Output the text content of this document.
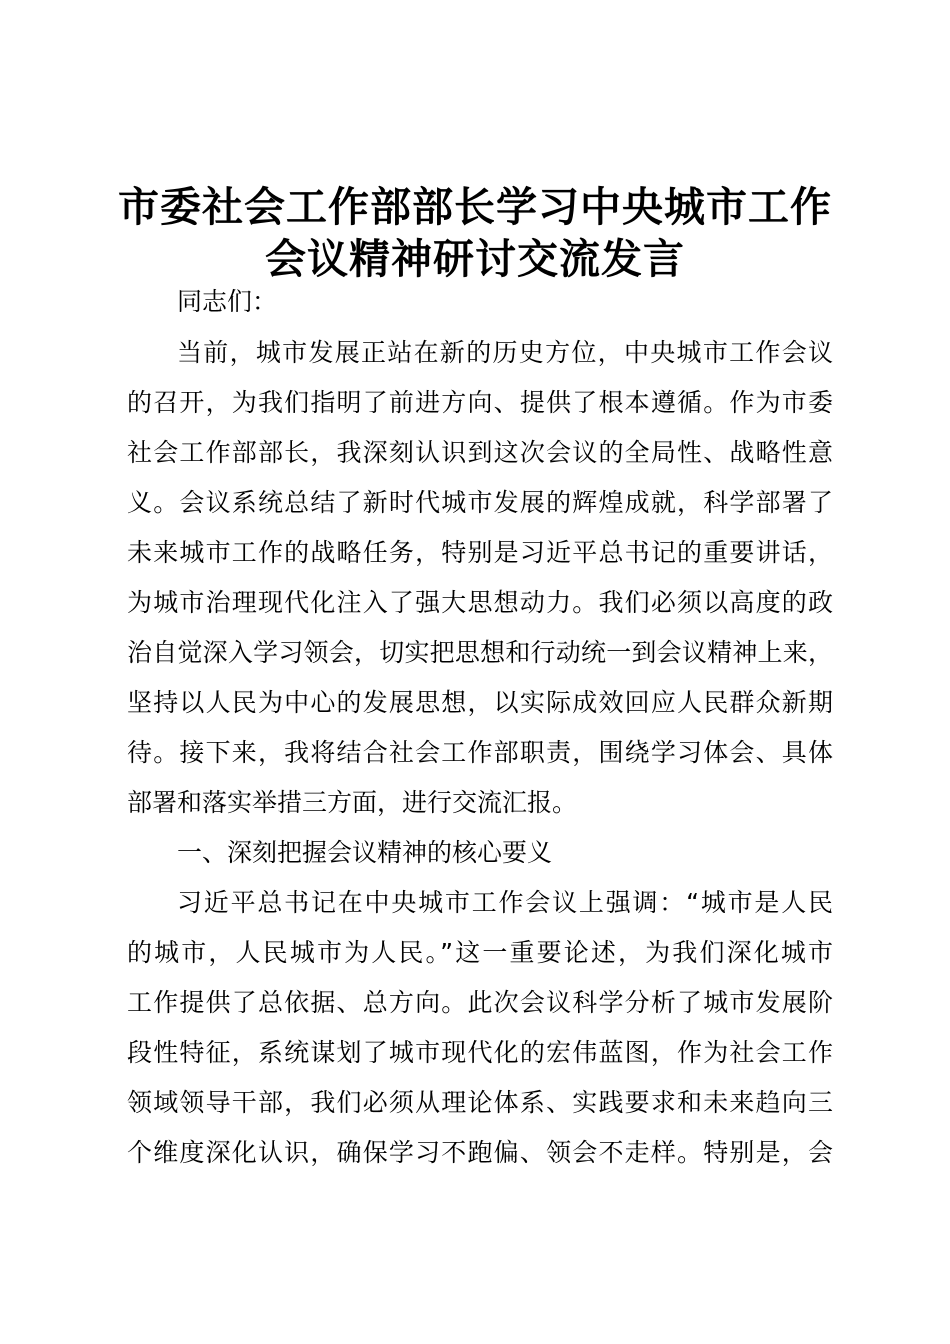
市委社会工作部部长学习中央城市工作
会议精神研讨交流发言

同志们：

当前，城市发展正站在新的历史方位，中央城市工作会议

的召开，为我们指明了前进方向、提供了根本遵循。作为市委

社会工作部部长，我深刻认识到这次会议的全局性、战略性意

义。会议系统总结了新时代城市发展的辉煌成就，科学部署了

未来城市工作的战略任务，特别是习近平总书记的重要讲话，

为城市治理现代化注入了强大思想动力。我们必须以高度的政

治自觉深入学习领会，切实把思想和行动统一到会议精神上来，

坚持以人民为中心的发展思想，以实际成效回应人民群众新期

待。接下来，我将结合社会工作部职责，围绕学习体会、具体

部署和落实举措三方面，进行交流汇报。

一、深刻把握会议精神的核心要义

习近平总书记在中央城市工作会议上强调：“城市是人民

的城市，人民城市为人民。”这一重要论述，为我们深化城市

工作提供了总依据、总方向。此次会议科学分析了城市发展阶

段性特征，系统谋划了城市现代化的宏伟蓝图，作为社会工作

领域领导干部，我们必须从理论体系、实践要求和未来趋向三

个维度深化认识，确保学习不跑偏、领会不走样。特别是，会
